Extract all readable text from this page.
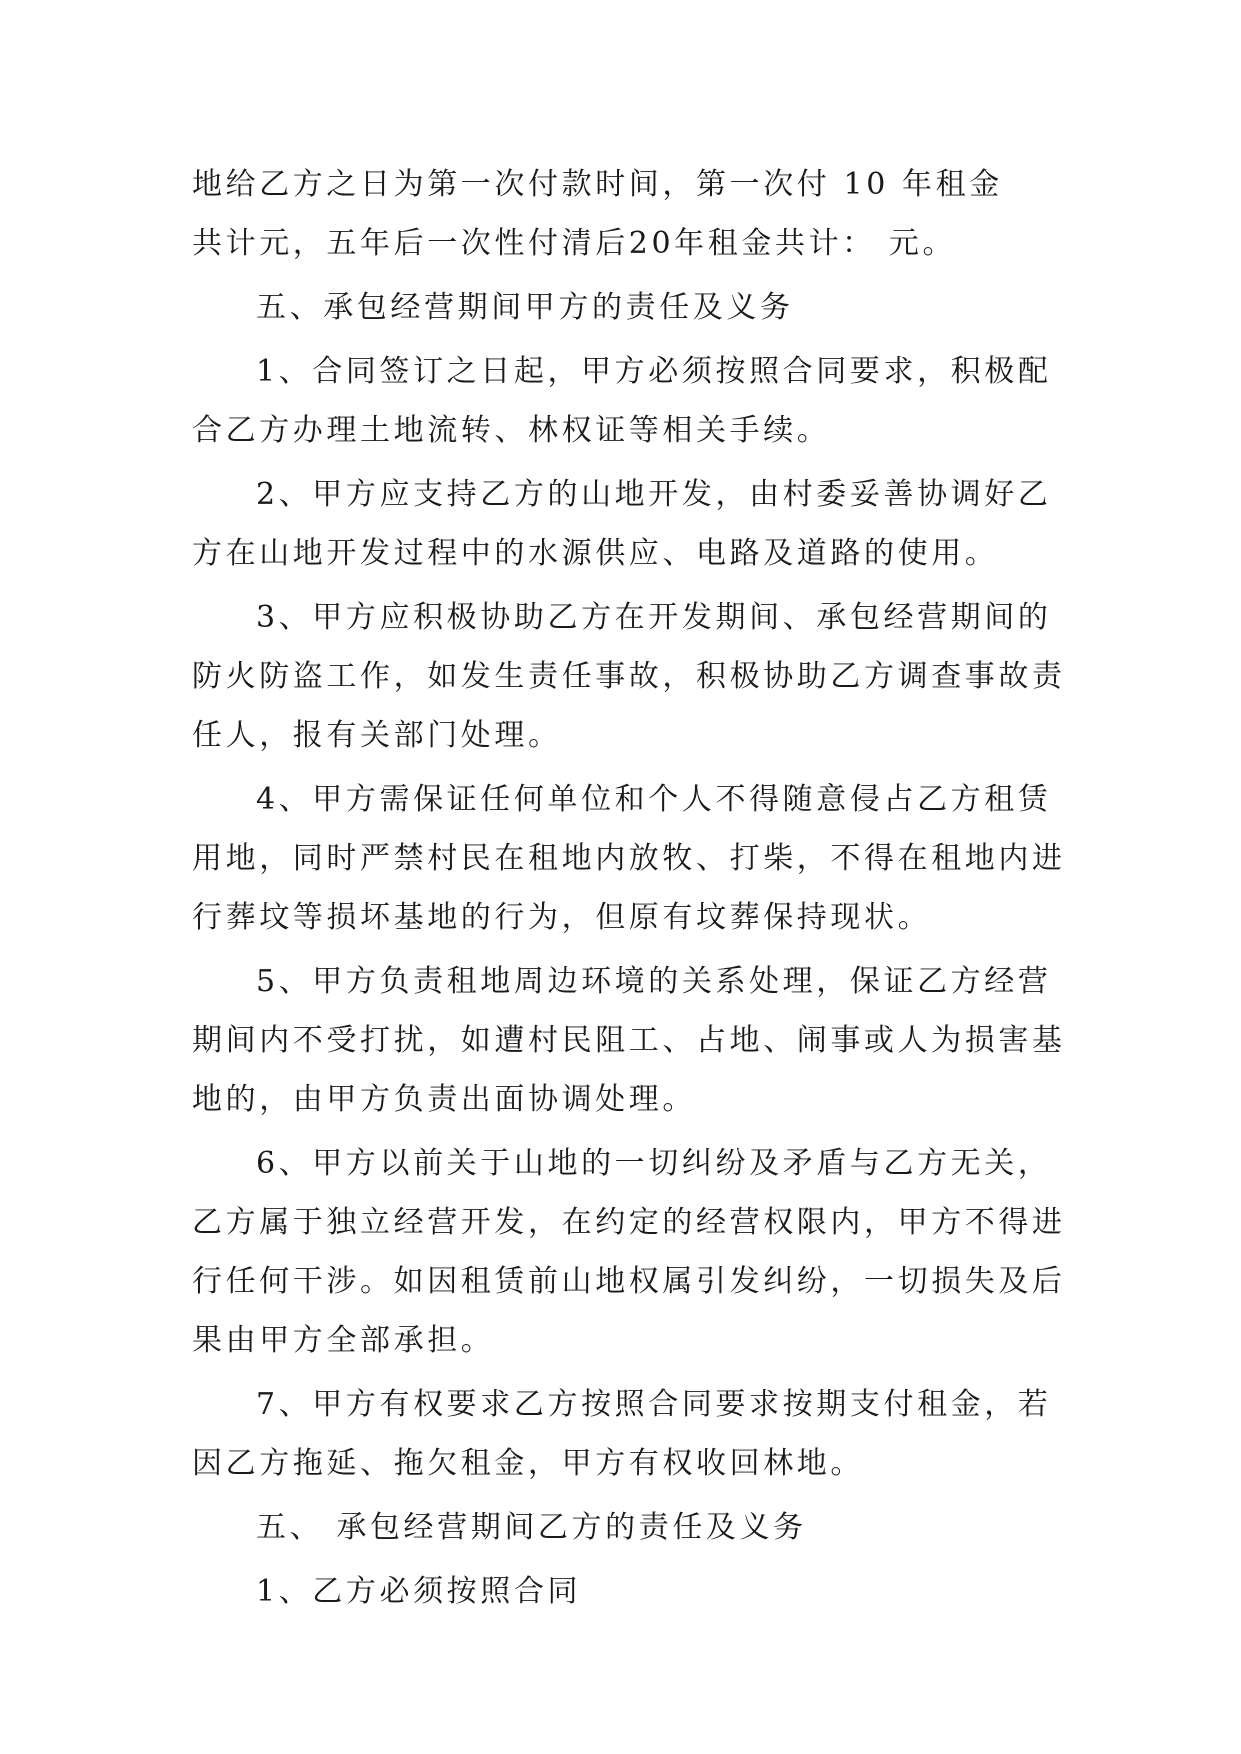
地给乙方之日为第一次付款时间，第一次付 10 年租金
共计元，五年后一次性付清后20年租金共计： 元。
五、承包经营期间甲方的责任及义务
1、合同签订之日起，甲方必须按照合同要求，积极配
合乙方办理土地流转、林权证等相关手续。
2、甲方应支持乙方的山地开发，由村委妥善协调好乙
方在山地开发过程中的水源供应、电路及道路的使用。
3、甲方应积极协助乙方在开发期间、承包经营期间的
防火防盗工作，如发生责任事故，积极协助乙方调查事故责
任人，报有关部门处理。
4、甲方需保证任何单位和个人不得随意侵占乙方租赁
用地，同时严禁村民在租地内放牧、打柴，不得在租地内进
行葬坟等损坏基地的行为，但原有坟葬保持现状。
5、甲方负责租地周边环境的关系处理，保证乙方经营
期间内不受打扰，如遭村民阻工、占地、闹事或人为损害基
地的，由甲方负责出面协调处理。
6、甲方以前关于山地的一切纠纷及矛盾与乙方无关，
乙方属于独立经营开发，在约定的经营权限内，甲方不得进
行任何干涉。如因租赁前山地权属引发纠纷，一切损失及后
果由甲方全部承担。
7、甲方有权要求乙方按照合同要求按期支付租金，若
因乙方拖延、拖欠租金，甲方有权收回林地。
五、 承包经营期间乙方的责任及义务
1、乙方必须按照合同
